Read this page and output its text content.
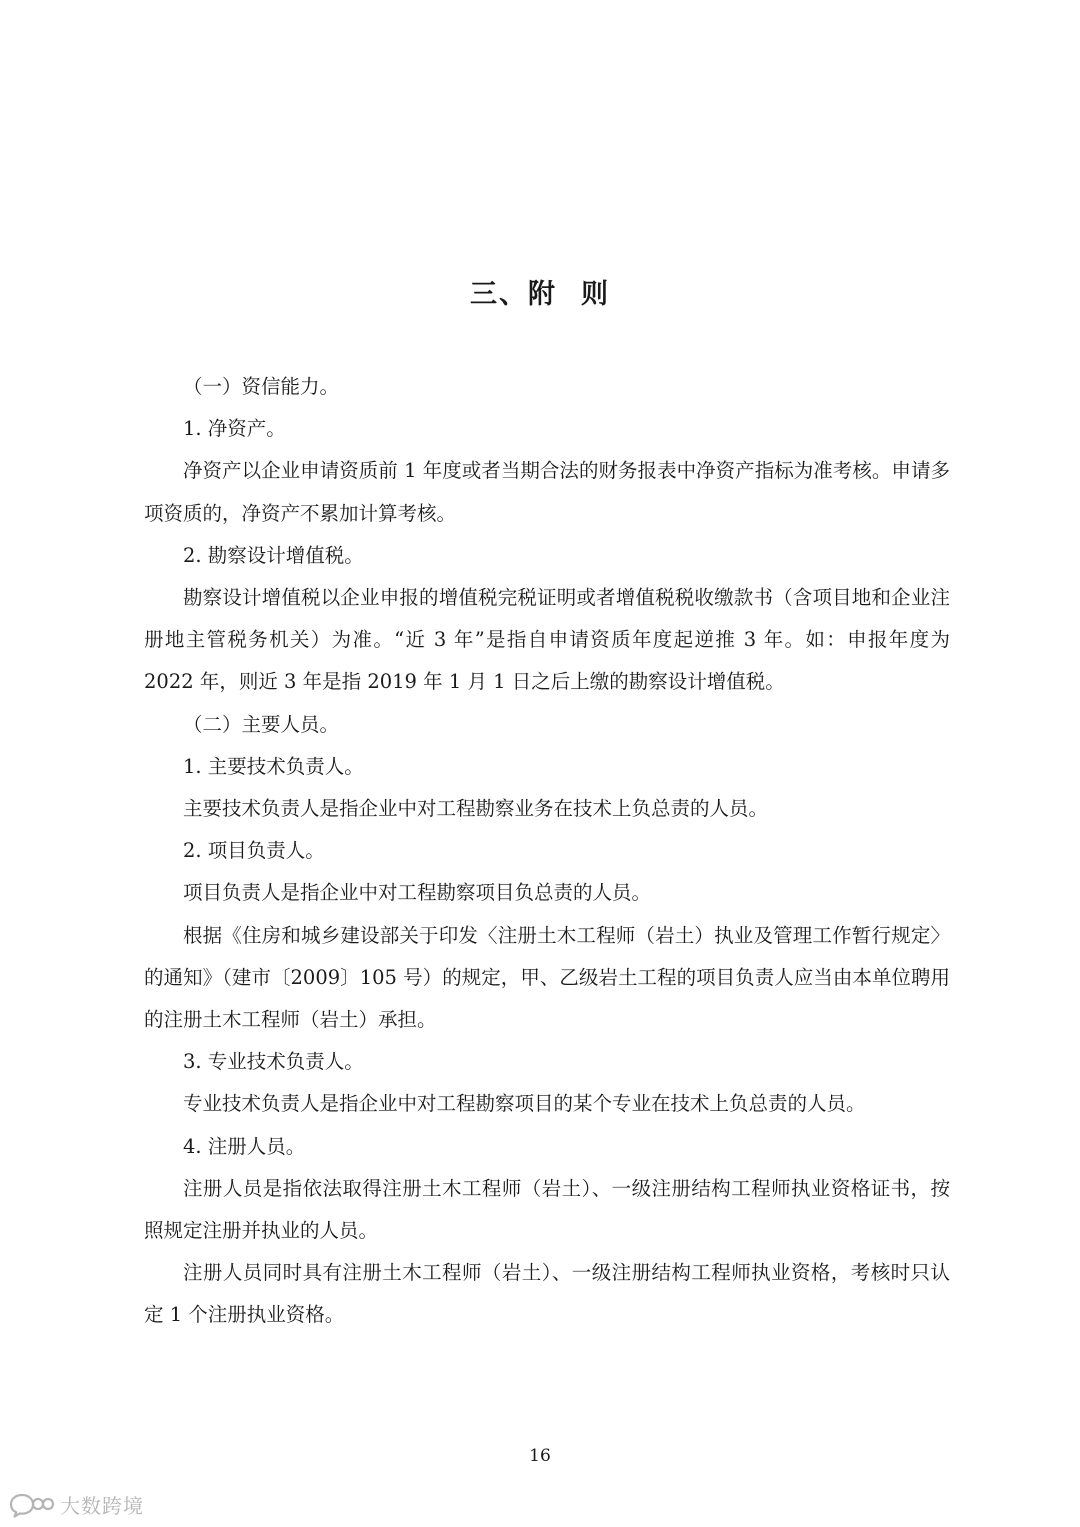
三、附 则

（一）资信能力。

1. 净资产。

净资产以企业申请资质前 1 年度或者当期合法的财务报表中净资产指标为准考核。申请多项资质的，净资产不累加计算考核。

2. 勘察设计增值税。

勘察设计增值税以企业申报的增值税完税证明或者增值税税收缴款书（含项目地和企业注册地主管税务机关）为准。“近 3 年”是指自申请资质年度起逆推 3 年。如：申报年度为 2022 年，则近 3 年是指 2019 年 1 月 1 日之后上缴的勘察设计增值税。

（二）主要人员。

1. 主要技术负责人。

主要技术负责人是指企业中对工程勘察业务在技术上负总责的人员。

2. 项目负责人。

项目负责人是指企业中对工程勘察项目负总责的人员。

根据《住房和城乡建设部关于印发〈注册土木工程师（岩土）执业及管理工作暂行规定〉的通知》（建市〔2009〕105 号）的规定，甲、乙级岩土工程的项目负责人应当由本单位聘用的注册土木工程师（岩土）承担。

3. 专业技术负责人。

专业技术负责人是指企业中对工程勘察项目的某个专业在技术上负总责的人员。

4. 注册人员。

注册人员是指依法取得注册土木工程师（岩土）、一级注册结构工程师执业资格证书，按照规定注册并执业的人员。

注册人员同时具有注册土木工程师（岩土）、一级注册结构工程师执业资格，考核时只认定 1 个注册执业资格。

16
大数跨境
